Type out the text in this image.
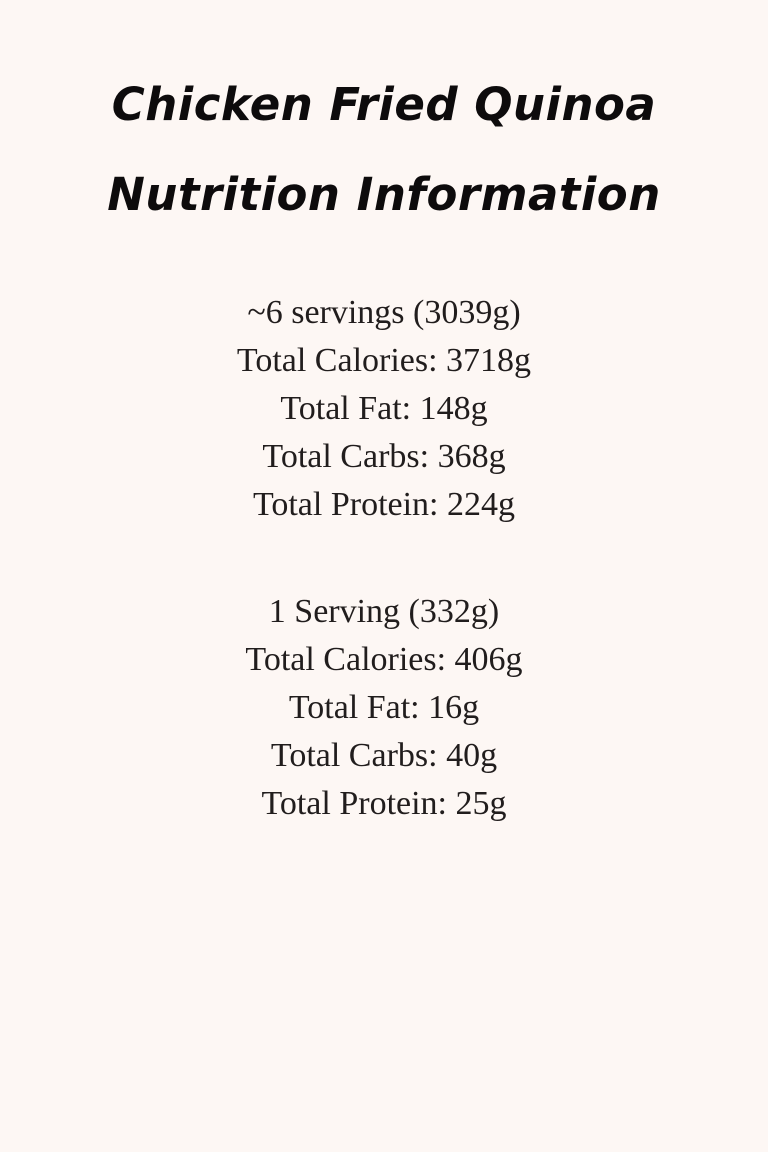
Chicken Fried Quinoa Nutrition Information

~6 servings (3039g)

Total Calories: 3718g

Total Fat: 148g

Total Carbs: 368g

Total Protein: 224g

1 Serving (332g)

Total Calories: 406g

Total Fat: 16g

Total Carbs: 40g

Total Protein: 25g
